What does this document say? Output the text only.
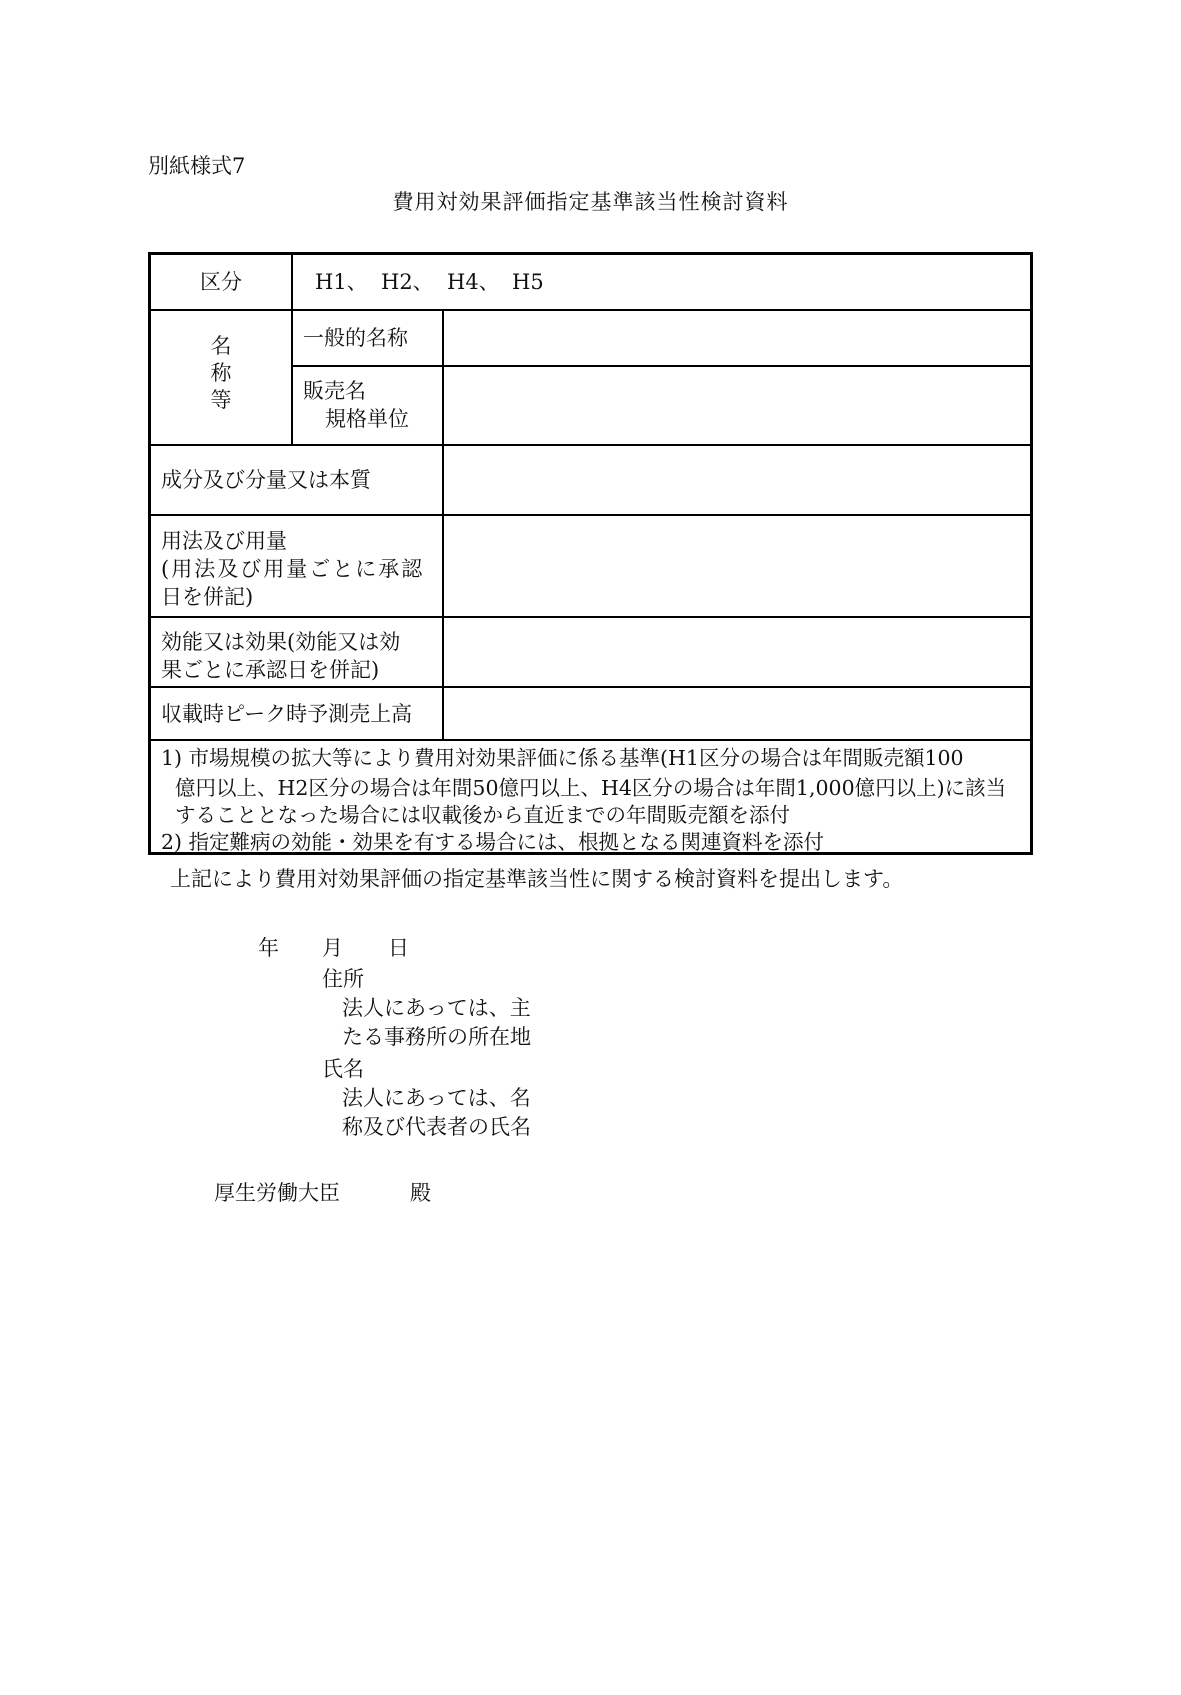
別紙様式7
費用対効果評価指定基準該当性検討資料
区分	H1、 H2、 H4、 H5
名
称
等
一般的名称
販売名
規格単位
成分及び分量又は本質
用法及び用量
(用法及び用量ごとに承認
日を併記)
効能又は効果(効能又は効
果ごとに承認日を併記)
収載時ピーク時予測売上高
1) 市場規模の拡大等により費用対効果評価に係る基準(H1区分の場合は年間販売額100
億円以上、H2区分の場合は年間50億円以上、H4区分の場合は年間1,000億円以上)に該当
することとなった場合には収載後から直近までの年間販売額を添付
2) 指定難病の効能・効果を有する場合には、根拠となる関連資料を添付
上記により費用対効果評価の指定基準該当性に関する検討資料を提出します。
年 月 日
住所
法人にあっては、主
たる事務所の所在地
氏名
法人にあっては、名
称及び代表者の氏名
厚生労働大臣	殿
